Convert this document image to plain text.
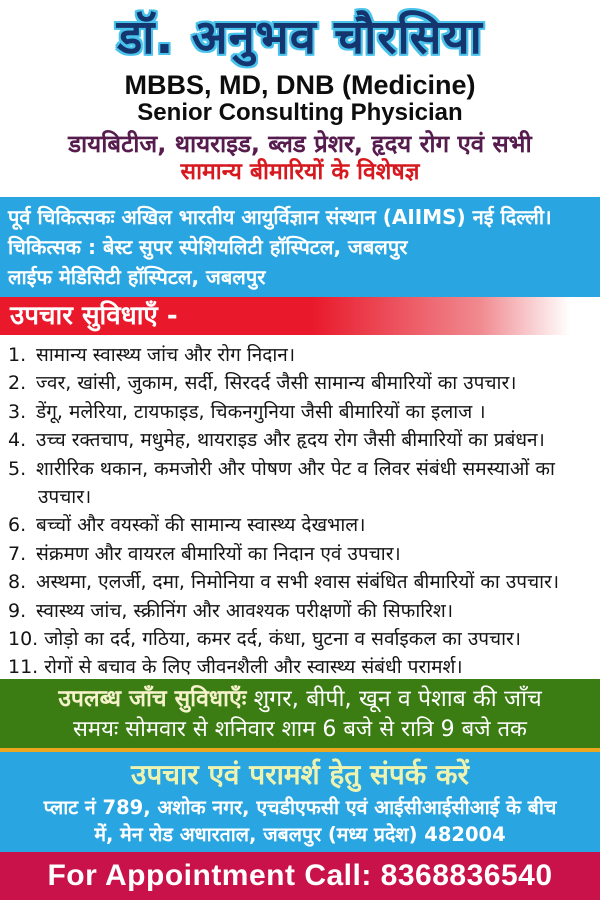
डॉ. अनुभव चौरसिया
MBBS, MD, DNB (Medicine)
Senior Consulting Physician
डायबिटीज, थायराइड, ब्लड प्रेशर, हृदय रोग एवं सभी
सामान्य बीमारियों के विशेषज्ञ
पूर्व चिकित्सकः अखिल भारतीय आयुर्विज्ञान संस्थान (AIIMS) नई दिल्ली।
चिकित्सक : बेस्ट सुपर स्पेशियलिटी हॉस्पिटल, जबलपुर
लाईफ मेडिसिटी हॉस्पिटल, जबलपुर
उपचार सुविधाएँ -
1. सामान्य स्वास्थ्य जांच और रोग निदान।
2. ज्वर, खांसी, जुकाम, सर्दी, सिरदर्द जैसी सामान्य बीमारियों का उपचार।
3. डेंगू, मलेरिया, टायफाइड, चिकनगुनिया जैसी बीमारियों का इलाज ।
4. उच्च रक्तचाप, मधुमेह, थायराइड और हृदय रोग जैसी बीमारियों का प्रबंधन।
5. शारीरिक थकान, कमजोरी और पोषण और पेट व लिवर संबंधी समस्याओं का उपचार।
6. बच्चों और वयस्कों की सामान्य स्वास्थ्य देखभाल।
7. संक्रमण और वायरल बीमारियों का निदान एवं उपचार।
8. अस्थमा, एलर्जी, दमा, निमोनिया व सभी श्वास संबंधित बीमारियों का उपचार।
9. स्वास्थ्य जांच, स्क्रीनिंग और आवश्यक परीक्षणों की सिफारिश।
10. जोड़ो का दर्द, गठिया, कमर दर्द, कंधा, घुटना व सर्वाइकल का उपचार।
11. रोगों से बचाव के लिए जीवनशैली और स्वास्थ्य संबंधी परामर्श।
उपलब्ध जाँच सुविधाएँः शुगर, बीपी, खून व पेशाब की जाँच
समयः सोमवार से शनिवार शाम 6 बजे से रात्रि 9 बजे तक
उपचार एवं परामर्श हेतु संपर्क करें
प्लाट नं 789, अशोक नगर, एचडीएफसी एवं आईसीआईसीआई के बीच
में, मेन रोड अधारताल, जबलपुर (मध्य प्रदेश) 482004
For Appointment Call: 8368836540
